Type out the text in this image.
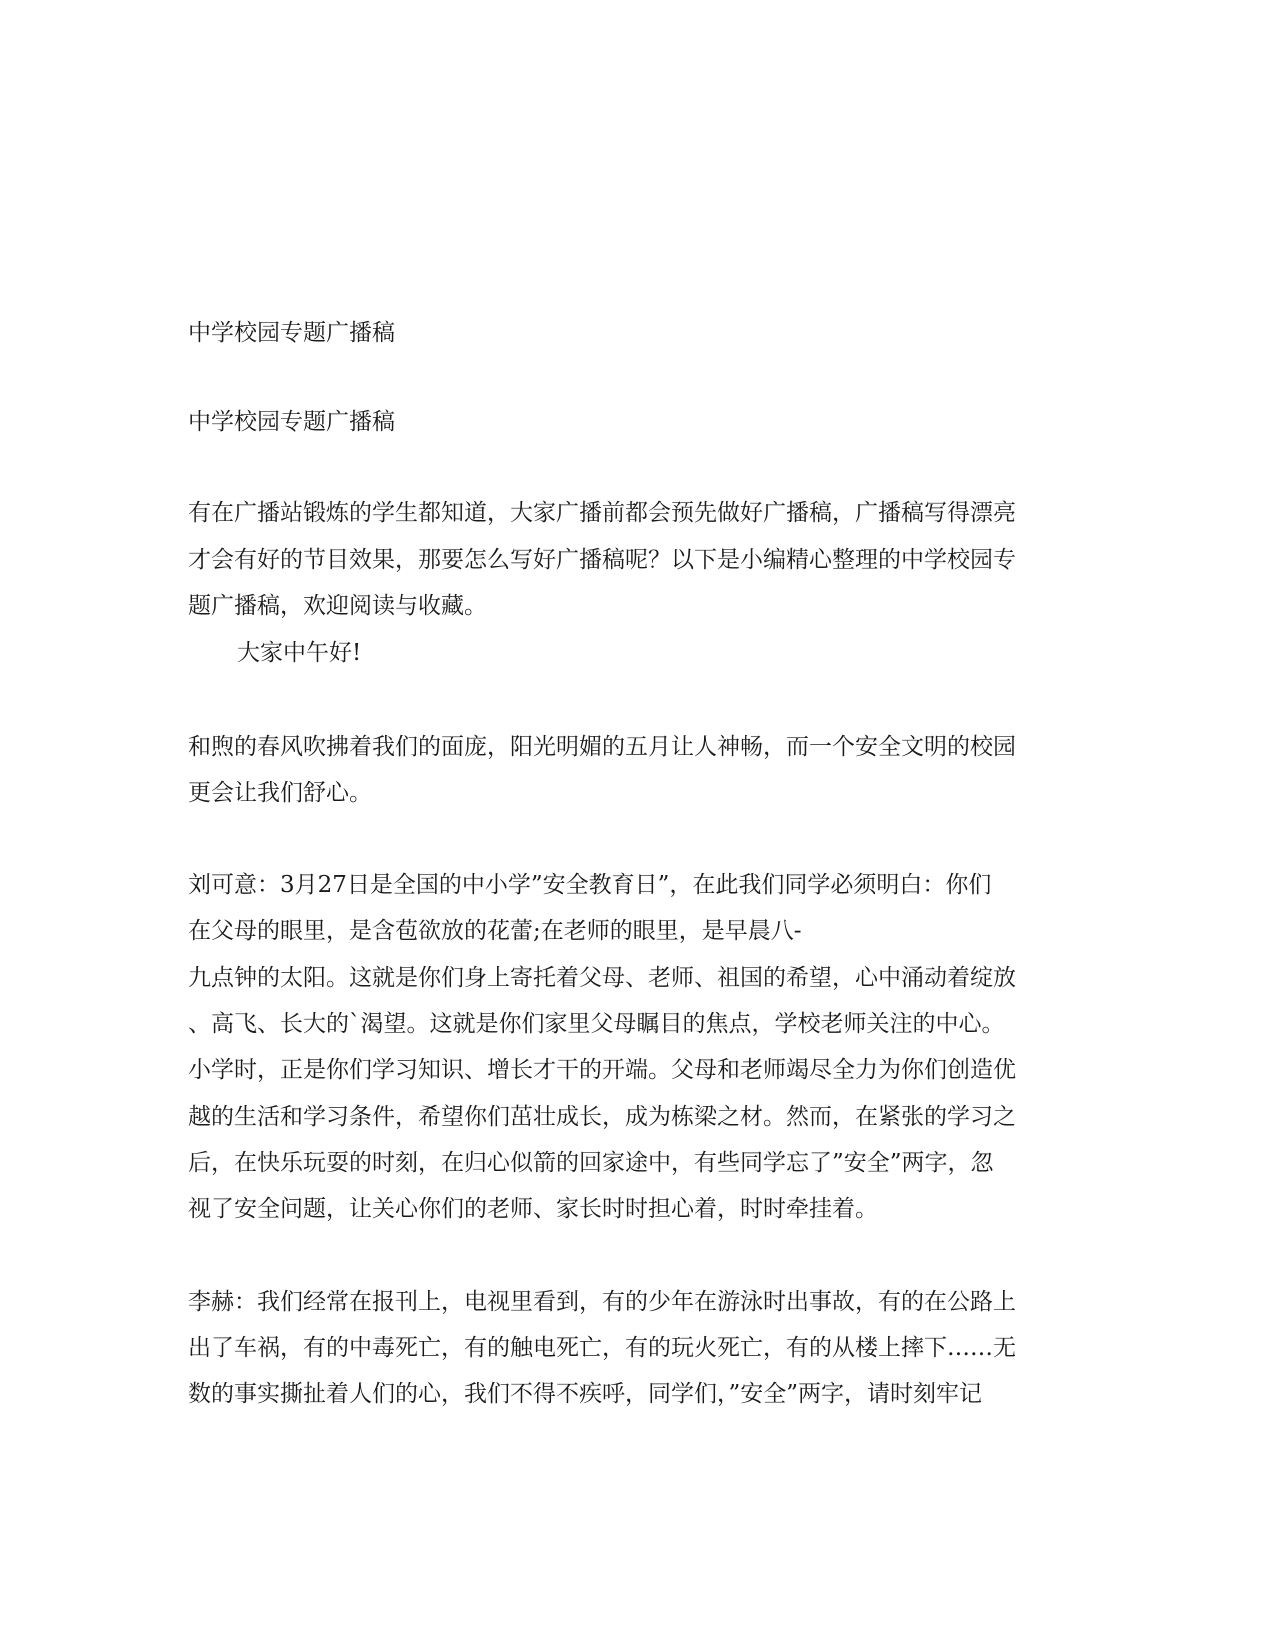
中学校园专题广播稿

中学校园专题广播稿

有在广播站锻炼的学生都知道，大家广播前都会预先做好广播稿，广播稿写得漂亮

才会有好的节目效果，那要怎么写好广播稿呢？以下是小编精心整理的中学校园专

题广播稿，欢迎阅读与收藏。

大家中午好!

和煦的春风吹拂着我们的面庞，阳光明媚的五月让人神畅，而一个安全文明的校园

更会让我们舒心。

刘可意：3月27日是全国的中小学”安全教育日”，在此我们同学必须明白：你们

在父母的眼里，是含苞欲放的花蕾;在老师的眼里，是早晨八-

九点钟的太阳。这就是你们身上寄托着父母、老师、祖国的希望，心中涌动着绽放

、高飞、长大的`渴望。这就是你们家里父母瞩目的焦点，学校老师关注的中心。

小学时，正是你们学习知识、增长才干的开端。父母和老师竭尽全力为你们创造优

越的生活和学习条件，希望你们茁壮成长，成为栋梁之材。然而，在紧张的学习之

后，在快乐玩耍的时刻，在归心似箭的回家途中，有些同学忘了”安全”两字，忽

视了安全问题，让关心你们的老师、家长时时担心着，时时牵挂着。

李赫：我们经常在报刊上，电视里看到，有的少年在游泳时出事故，有的在公路上

出了车祸，有的中毒死亡，有的触电死亡，有的玩火死亡，有的从楼上摔下……无

数的事实撕扯着人们的心，我们不得不疾呼，同学们，”安全”两字，请时刻牢记
